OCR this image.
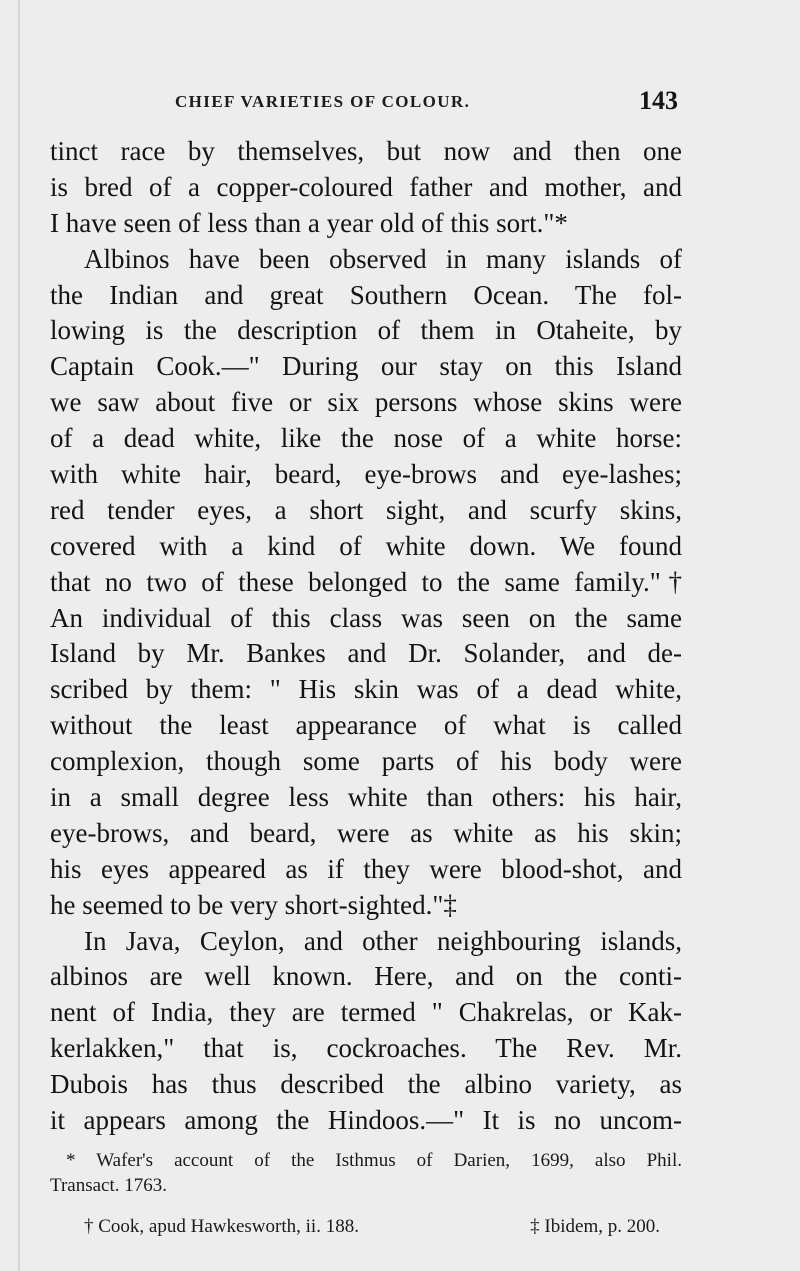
CHIEF VARIETIES OF COLOUR.	143
tinct race by themselves, but now and then one
is bred of a copper-coloured father and mother, and
I have seen of less than a year old of this sort."*
Albinos have been observed in many islands of
the Indian and great Southern Ocean. The fol-
lowing is the description of them in Otaheite, by
Captain Cook.—" During our stay on this Island
we saw about five or six persons whose skins were
of a dead white, like the nose of a white horse:
with white hair, beard, eye-brows and eye-lashes;
red tender eyes, a short sight, and scurfy skins,
covered with a kind of white down. We found
that no two of these belonged to the same family."†
An individual of this class was seen on the same
Island by Mr. Bankes and Dr. Solander, and de-
scribed by them: " His skin was of a dead white,
without the least appearance of what is called
complexion, though some parts of his body were
in a small degree less white than others: his hair,
eye-brows, and beard, were as white as his skin;
his eyes appeared as if they were blood-shot, and
he seemed to be very short-sighted."‡
In Java, Ceylon, and other neighbouring islands,
albinos are well known. Here, and on the conti-
nent of India, they are termed " Chakrelas, or Kak-
kerlakken," that is, cockroaches. The Rev. Mr.
Dubois has thus described the albino variety, as
it appears among the Hindoos.—" It is no uncom-
* Wafer's account of the Isthmus of Darien, 1699, also Phil.
Transact. 1763.
† Cook, apud Hawkesworth, ii. 188.	‡ Ibidem, p. 200.
